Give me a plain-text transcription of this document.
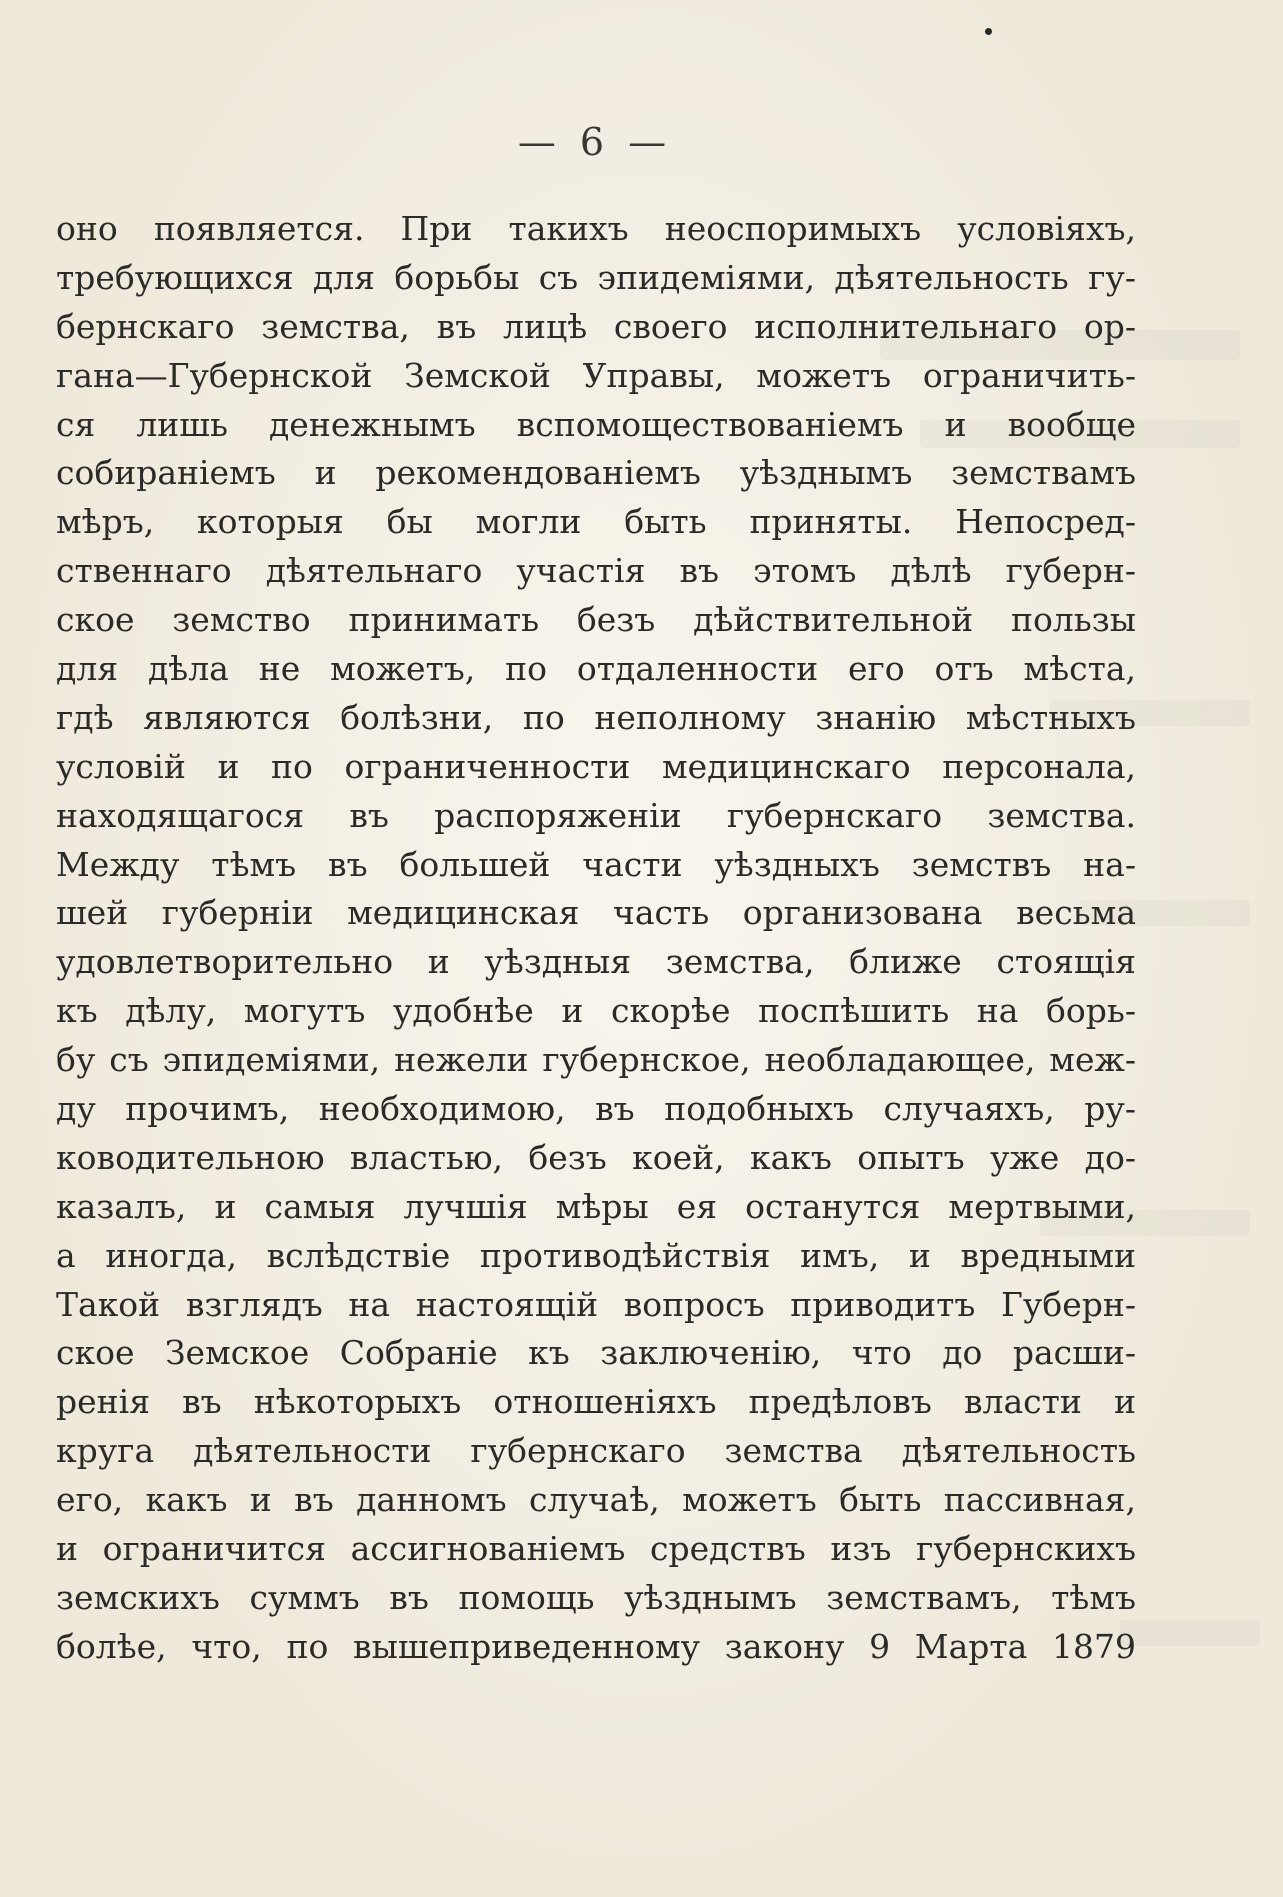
— 6 —
оно появляется. При такихъ неоспоримыхъ условіяхъ,
требующихся для борьбы съ эпидеміями, дѣятельность гу-
бернскаго земства, въ лицѣ своего исполнительнаго ор-
гана—Губернской Земской Управы, можетъ ограничить-
ся лишь денежнымъ вспомоществованіемъ и вообще
собираніемъ и рекомендованіемъ уѣзднымъ земствамъ
мѣръ, которыя бы могли быть приняты. Непосред-
ственнаго дѣятельнаго участія въ этомъ дѣлѣ губерн-
ское земство принимать безъ дѣйствительной пользы
для дѣла не можетъ, по отдаленности его отъ мѣста,
гдѣ являются болѣзни, по неполному знанію мѣстныхъ
условій и по ограниченности медицинскаго персонала,
находящагося въ распоряженіи губернскаго земства.
Между тѣмъ въ большей части уѣздныхъ земствъ на-
шей губерніи медицинская часть организована весьма
удовлетворительно и уѣздныя земства, ближе стоящія
къ дѣлу, могутъ удобнѣе и скорѣе поспѣшить на борь-
бу съ эпидеміями, нежели губернское, необладающее, меж-
ду прочимъ, необходимою, въ подобныхъ случаяхъ, ру-
ководительною властью, безъ коей, какъ опытъ уже до-
казалъ, и самыя лучшія мѣры ея останутся мертвыми,
а иногда, вслѣдствіе противодѣйствія имъ, и вредными
Такой взглядъ на настоящій вопросъ приводитъ Губерн-
ское Земское Собраніе къ заключенію, что до расши-
ренія въ нѣкоторыхъ отношеніяхъ предѣловъ власти и
круга дѣятельности губернскаго земства дѣятельность
его, какъ и въ данномъ случаѣ, можетъ быть пассивная,
и ограничится ассигнованіемъ средствъ изъ губернскихъ
земскихъ суммъ въ помощь уѣзднымъ земствамъ, тѣмъ
болѣе, что, по вышеприведенному закону 9 Марта 1879
